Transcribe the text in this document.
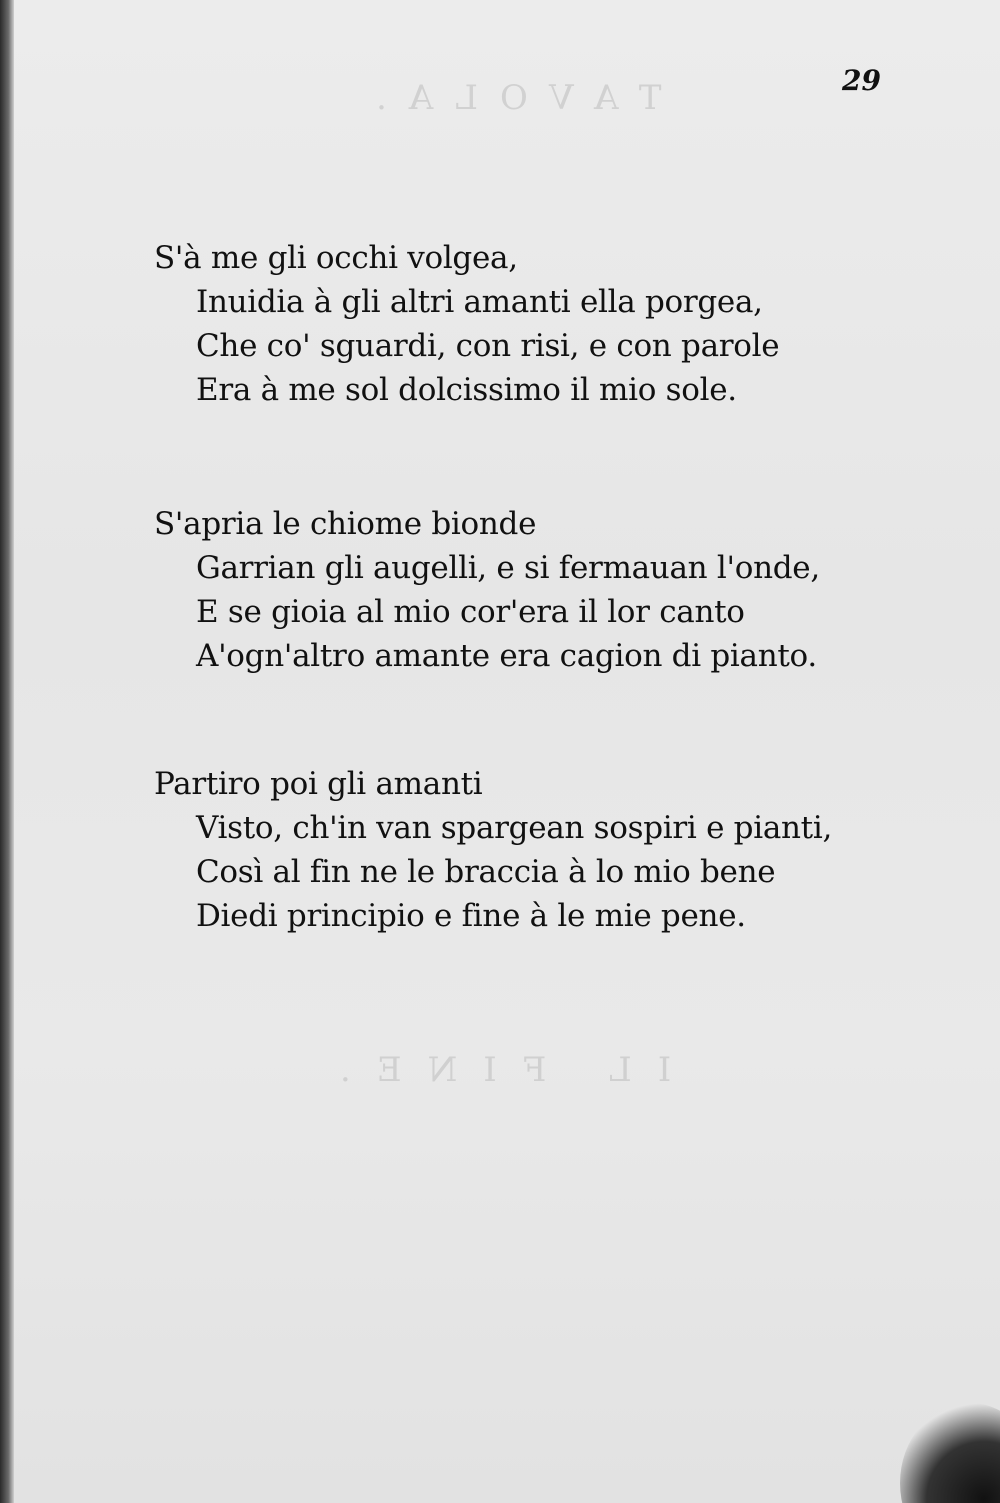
TAVOLA.
IL FINE.
29
S'à me gli occhi volgea,
Inuidia à gli altri amanti ella porgea,
Che co' sguardi, con risi, e con parole
Era à me sol dolcissimo il mio sole.
S'apria le chiome bionde
Garrian gli augelli, e si fermauan l'onde,
E se gioia al mio cor'era il lor canto
A'ogn'altro amante era cagion di pianto.
Partiro poi gli amanti
Visto, ch'in van spargean sospiri e pianti,
Così al fin ne le braccia à lo mio bene
Diedi principio e fine à le mie pene.
